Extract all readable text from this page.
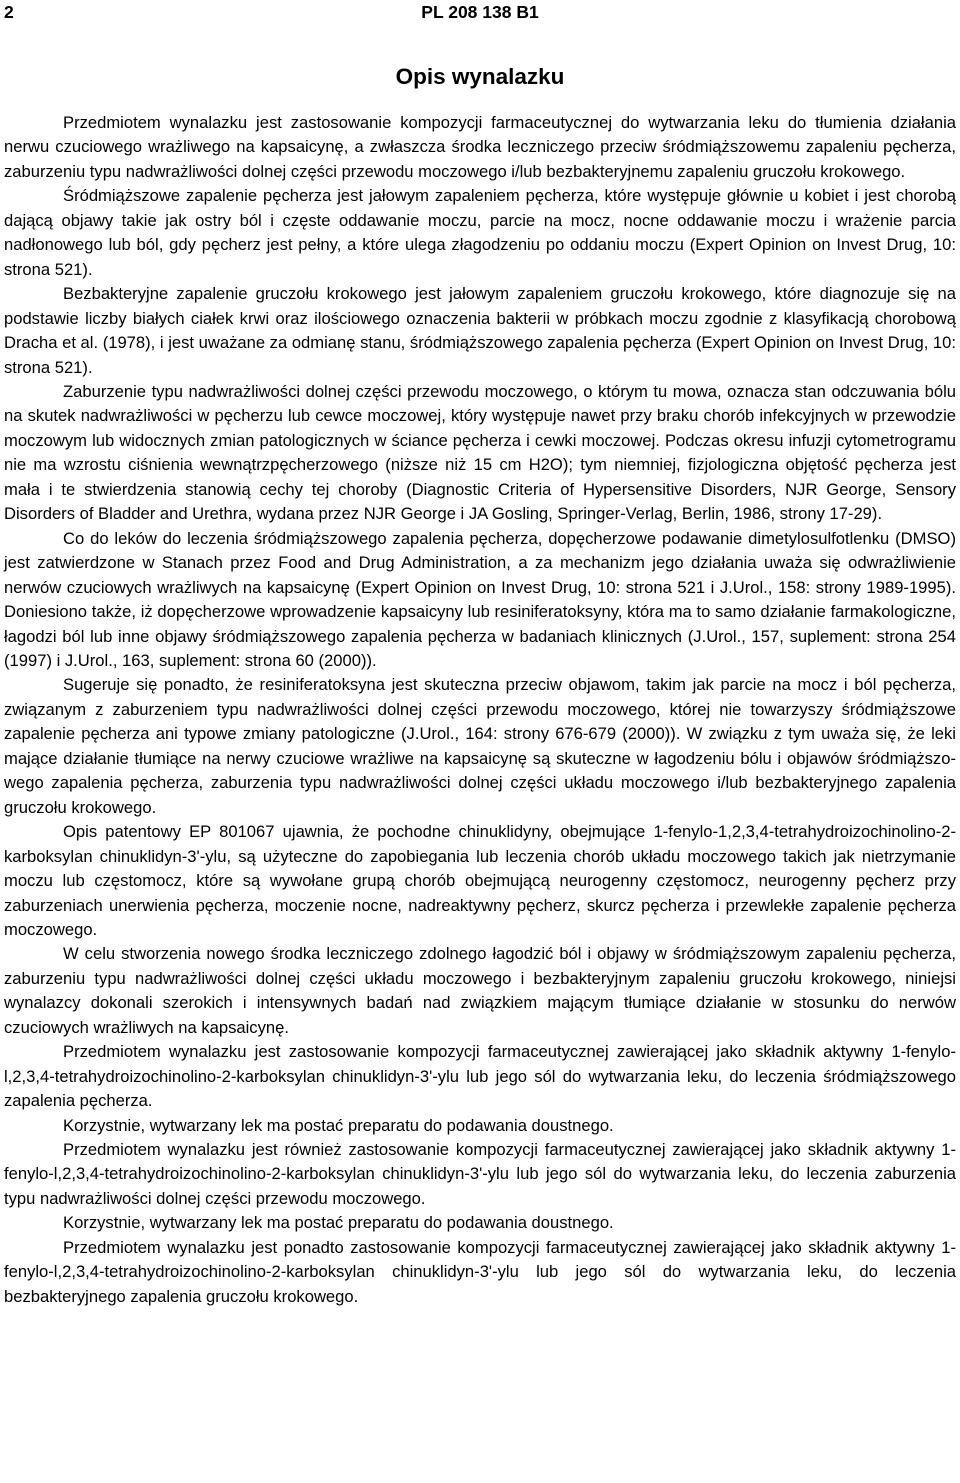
2	PL 208 138 B1
Opis wynalazku

Przedmiotem wynalazku jest zastosowanie kompozycji farmaceutycznej do wytwarzania leku do tłumienia działania nerwu czuciowego wrażliwego na kapsaicynę, a zwłaszcza środka leczniczego przeciw śródmiąższowemu zapaleniu pęcherza, zaburzeniu typu nadwrażliwości dolnej części przewodu moczowego i/lub bezbakteryjnemu zapaleniu gruczołu krokowego.

Śródmiąższowe zapalenie pęcherza jest jałowym zapaleniem pęcherza, które występuje głównie u kobiet i jest chorobą dającą objawy takie jak ostry ból i częste oddawanie moczu, parcie na mocz, nocne oddawanie moczu i wrażenie parcia nadłonowego lub ból, gdy pęcherz jest pełny, a które ulega złagodzeniu po oddaniu moczu (Expert Opinion on Invest Drug, 10: strona 521).

Bezbakteryjne zapalenie gruczołu krokowego jest jałowym zapaleniem gruczołu krokowego, które diagnozuje się na podstawie liczby białych ciałek krwi oraz ilościowego oznaczenia bakterii w próbkach moczu zgodnie z klasyfikacją chorobową Dracha et al. (1978), i jest uważane za odmianę stanu, śródmiąższowego zapalenia pęcherza (Expert Opinion on Invest Drug, 10: strona 521).

Zaburzenie typu nadwrażliwości dolnej części przewodu moczowego, o którym tu mowa, oznacza stan odczuwania bólu na skutek nadwrażliwości w pęcherzu lub cewce moczowej, który występuje nawet przy braku chorób infekcyjnych w przewodzie moczowym lub widocznych zmian patologicznych w ściance pęcherza i cewki moczowej. Podczas okresu infuzji cytometrogramu nie ma wzrostu ciśnienia wewnątrzpęcherzowego (niższe niż 15 cm H2O); tym niemniej, fizjologiczna objętość pęcherza jest mała i te stwierdzenia stanowią cechy tej choroby (Diagnostic Criteria of Hypersensitive Disorders, NJR George, Sensory Disorders of Bladder and Urethra, wydana przez NJR George i JA Gosling, Springer-Verlag, Berlin, 1986, strony 17-29).

Co do leków do leczenia śródmiąższowego zapalenia pęcherza, dopęcherzowe podawanie dimetylosulfotlenku (DMSO) jest zatwierdzone w Stanach przez Food and Drug Administration, a za mechanizm jego działania uważa się odwrażliwienie nerwów czuciowych wrażliwych na kapsaicynę (Expert Opinion on Invest Drug, 10: strona 521 i J.Urol., 158: strony 1989-1995). Doniesiono także, iż dopęcherzowe wprowadzenie kapsaicyny lub resiniferatoksyny, która ma to samo działanie farmakologiczne, łagodzi ból lub inne objawy śródmiąższowego zapalenia pęcherza w badaniach klinicznych (J.Urol., 157, suplement: strona 254 (1997) i J.Urol., 163, suplement: strona 60 (2000)).

Sugeruje się ponadto, że resiniferatoksyna jest skuteczna przeciw objawom, takim jak parcie na mocz i ból pęcherza, związanym z zaburzeniem typu nadwrażliwości dolnej części przewodu moczowego, której nie towarzyszy śródmiąższowe zapalenie pęcherza ani typowe zmiany patologiczne (J.Urol., 164: strony 676-679 (2000)). W związku z tym uważa się, że leki mające działanie tłumiące na nerwy czuciowe wrażliwe na kapsaicynę są skuteczne w łagodzeniu bólu i objawów śródmiąższowego zapalenia pęcherza, zaburzenia typu nadwrażliwości dolnej części układu moczowego i/lub bezbakteryjnego zapalenia gruczołu krokowego.

Opis patentowy EP 801067 ujawnia, że pochodne chinuklidyny, obejmujące 1-fenylo-1,2,3,4-tetrahydroizochinolino-2-karboksylan chinuklidyn-3'-ylu, są użyteczne do zapobiegania lub leczenia chorób układu moczowego takich jak nietrzymanie moczu lub częstomocz, które są wywołane grupą chorób obejmującą neurogenny częstomocz, neurogenny pęcherz przy zaburzeniach unerwienia pęcherza, moczenie nocne, nadreaktywny pęcherz, skurcz pęcherza i przewlekłe zapalenie pęcherza moczowego.

W celu stworzenia nowego środka leczniczego zdolnego łagodzić ból i objawy w śródmiąższowym zapaleniu pęcherza, zaburzeniu typu nadwrażliwości dolnej części układu moczowego i bezbakteryjnym zapaleniu gruczołu krokowego, niniejsi wynalazcy dokonali szerokich i intensywnych badań nad związkiem mającym tłumiące działanie w stosunku do nerwów czuciowych wrażliwych na kapsaicynę.

Przedmiotem wynalazku jest zastosowanie kompozycji farmaceutycznej zawierającej jako składnik aktywny 1-fenylo-l,2,3,4-tetrahydroizochinolino-2-karboksylan chinuklidyn-3'-ylu lub jego sól do wytwarzania leku, do leczenia śródmiąższowego zapalenia pęcherza.

Korzystnie, wytwarzany lek ma postać preparatu do podawania doustnego.

Przedmiotem wynalazku jest również zastosowanie kompozycji farmaceutycznej zawierającej jako składnik aktywny 1-fenylo-l,2,3,4-tetrahydroizochinolino-2-karboksylan chinuklidyn-3'-ylu lub jego sól do wytwarzania leku, do leczenia zaburzenia typu nadwrażliwości dolnej części przewodu moczowego.

Korzystnie, wytwarzany lek ma postać preparatu do podawania doustnego.

Przedmiotem wynalazku jest ponadto zastosowanie kompozycji farmaceutycznej zawierającej jako składnik aktywny 1-fenylo-l,2,3,4-tetrahydroizochinolino-2-karboksylan chinuklidyn-3'-ylu lub jego sól do wytwarzania leku, do leczenia bezbakteryjnego zapalenia gruczołu krokowego.
